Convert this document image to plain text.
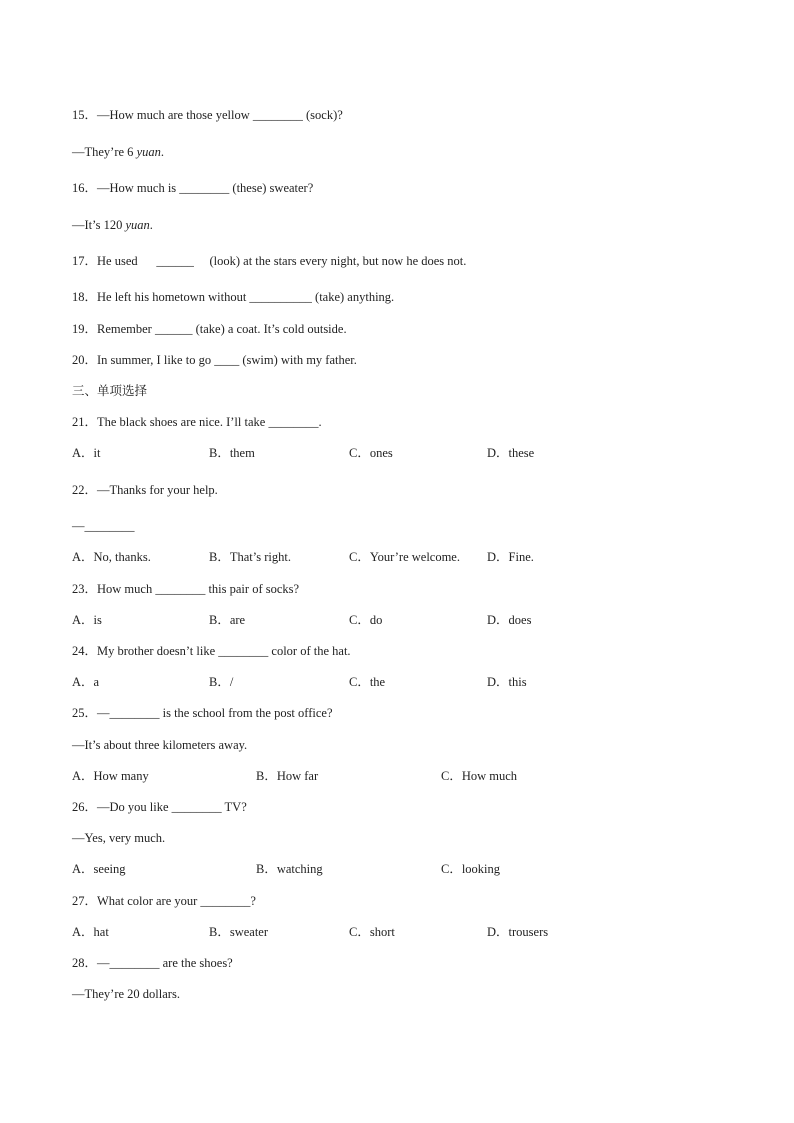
15．—How much are those yellow ________ (sock)?
—They’re 6 yuan.
16．—How much is ________ (these) sweater?
—It’s 120 yuan.
17．He used      ______     (look) at the stars every night, but now he does not.
18．He left his hometown without __________ (take) anything.
19．Remember ______ (take) a coat. It’s cold outside.
20．In summer, I like to go ____ (swim) with my father.
三、单项选择
21．The black shoes are nice. I’ll take ________.
A．it	B．them	C．ones	D．these
22．—Thanks for your help.
—________
A．No, thanks.	B．That’s right.	C．Your’re welcome. D．Fine.
23．How much ________ this pair of socks?
A．is	B．are	C．do	D．does
24．My brother doesn’t like ________ color of the hat.
A．a	B．/	C．the	D．this
25．—________ is the school from the post office?
—It’s about three kilometers away.
A．How many	B．How far	C．How much
26．—Do you like ________ TV?
—Yes, very much.
A．seeing	B．watching	C．looking
27．What color are your ________?
A．hat	B．sweater	C．short	D．trousers
28．—________ are the shoes?
—They’re 20 dollars.
